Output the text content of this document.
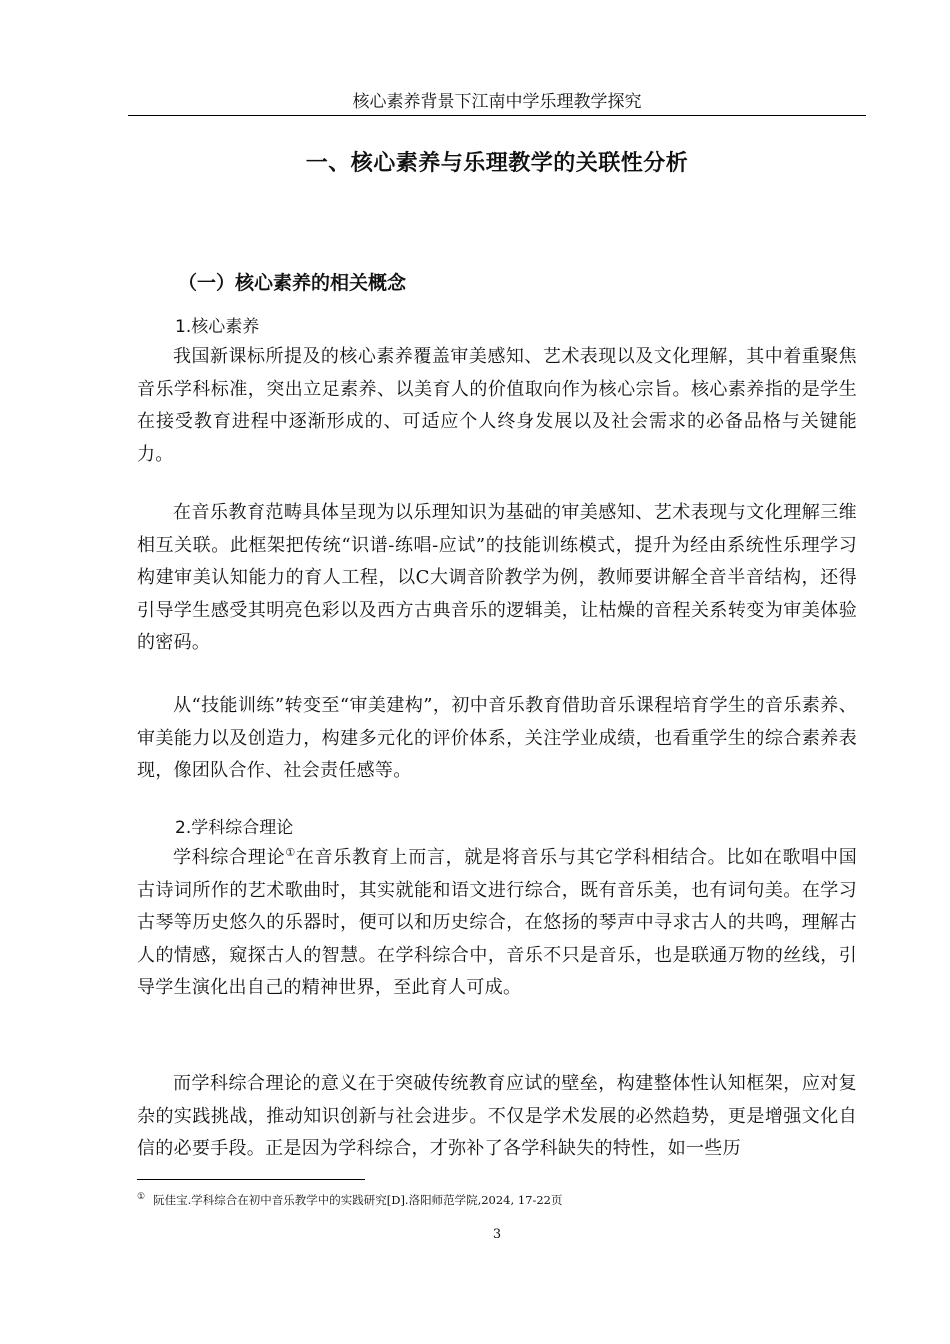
核心素养背景下江南中学乐理教学探究
一、核心素养与乐理教学的关联性分析
（一）核心素养的相关概念
1.核心素养

我国新课标所提及的核心素养覆盖审美感知、艺术表现以及文化理解，其中着重聚焦音乐学科标准，突出立足素养、以美育人的价值取向作为核心宗旨。核心素养指的是学生在接受教育进程中逐渐形成的、可适应个人终身发展以及社会需求的必备品格与关键能力。

在音乐教育范畴具体呈现为以乐理知识为基础的审美感知、艺术表现与文化理解三维相互关联。此框架把传统“识谱-练唱-应试”的技能训练模式，提升为经由系统性乐理学习构建审美认知能力的育人工程，以C大调音阶教学为例，教师要讲解全音半音结构，还得引导学生感受其明亮色彩以及西方古典音乐的逻辑美，让枯燥的音程关系转变为审美体验的密码。

从“技能训练”转变至“审美建构”，初中音乐教育借助音乐课程培育学生的音乐素养、审美能力以及创造力，构建多元化的评价体系，关注学业成绩，也看重学生的综合素养表现，像团队合作、社会责任感等。

2.学科综合理论

学科综合理论①在音乐教育上而言，就是将音乐与其它学科相结合。比如在歌唱中国古诗词所作的艺术歌曲时，其实就能和语文进行综合，既有音乐美，也有词句美。在学习古琴等历史悠久的乐器时，便可以和历史综合，在悠扬的琴声中寻求古人的共鸣，理解古人的情感，窥探古人的智慧。在学科综合中，音乐不只是音乐，也是联通万物的丝线，引导学生演化出自己的精神世界，至此育人可成。

而学科综合理论的意义在于突破传统教育应试的壁垒，构建整体性认知框架，应对复杂的实践挑战，推动知识创新与社会进步。不仅是学术发展的必然趋势，更是增强文化自信的必要手段。正是因为学科综合，才弥补了各学科缺失的特性，如一些历

① 阮佳宝.学科综合在初中音乐教学中的实践研究[D].洛阳师范学院,2024, 17-22页
3
